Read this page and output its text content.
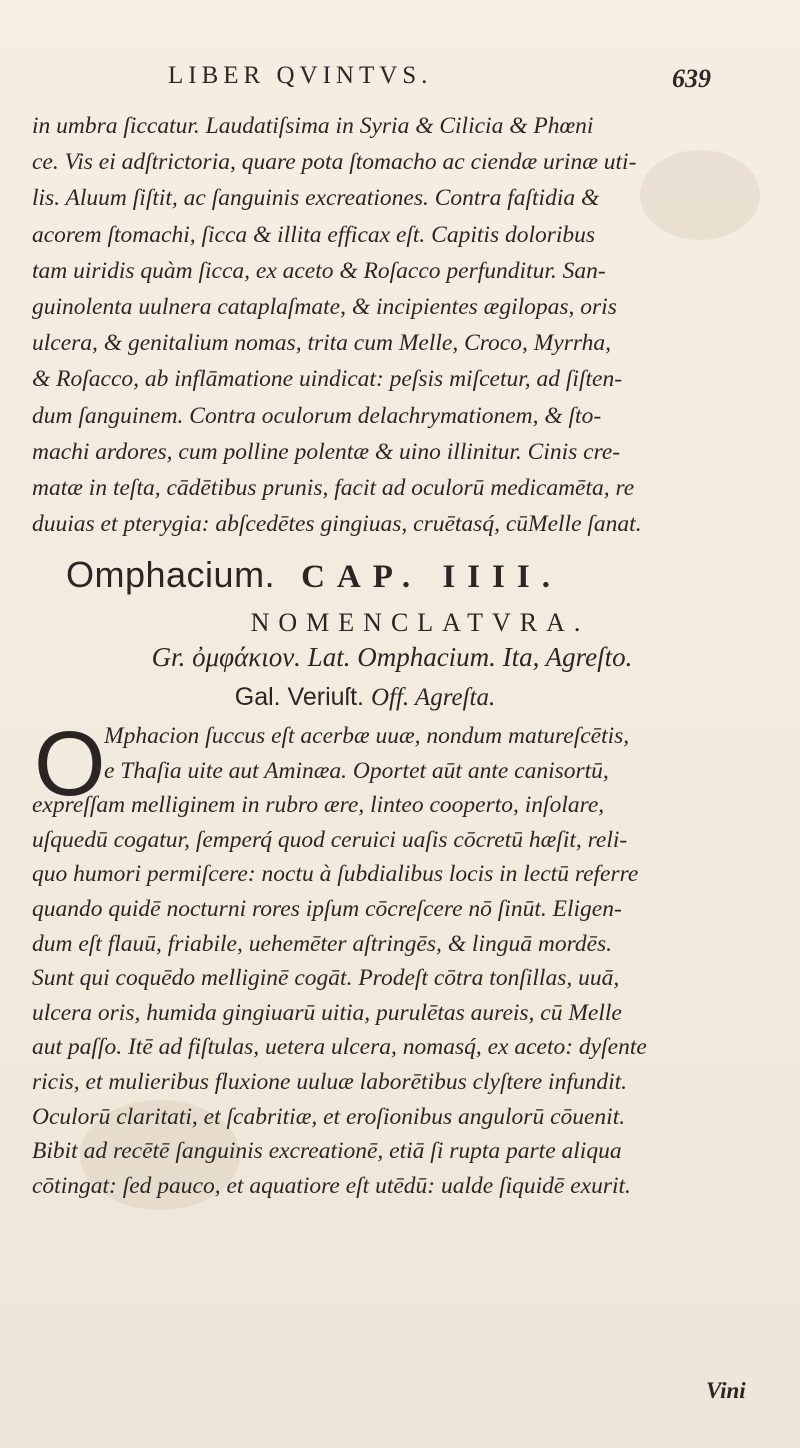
LIBER QVINTVS.	639
in umbra ſiccatur. Laudatiſsima in Syria & Cilicia & Phœni
ce. Vis ei adſtrictoria, quare pota ſtomacho ac ciendæ urinæ uti-
lis. Aluum ſiſtit, ac ſanguinis excreationes. Contra faſtidia &
acorem ſtomachi, ſicca & illita efficax eſt. Capitis doloribus
tam uiridis quàm ſicca, ex aceto & Roſacco perfunditur. San-
guinolenta uulnera cataplaſmate, & incipientes ægilopas, oris
ulcera, & genitalium nomas, trita cum Melle, Croco, Myrrha,
& Roſacco, ab inflāmatione uindicat: peſsis miſcetur, ad ſiſten-
dum ſanguinem. Contra oculorum delachrymationem, & ſto-
machi ardores, cum polline polentæ & uino illinitur. Cinis cre-
matæ in teſta, cādētibus prunis, facit ad oculorū medicamēta, re
duuias et pterygia: abſcedētes gingiuas, cruētasq́, cūMelle ſanat.
Omphacium. CAP. IIII.
NOMENCLATVRA.
Gr. ὀμφάκιον. Lat. Omphacium. Ita, Agreſto.
Gal. Veriuſt. Off. Agreſta.
O
Mphacion ſuccus eſt acerbæ uuæ, nondum matureſcētis,
e Thaſia uite aut Aminæa. Oportet aūt ante canisortū,
expreſſam melliginem in rubro ære, linteo cooperto, inſolare,
uſquedū cogatur, ſemperq́ quod ceruici uaſis cōcretū hæſit, reli-
quo humori permiſcere: noctu à ſubdialibus locis in lectū referre
quando quidē nocturni rores ipſum cōcreſcere nō ſinūt. Eligen-
dum eſt flauū, friabile, uehemēter aſtringēs, & linguā mordēs.
Sunt qui coquēdo melliginē cogāt. Prodeſt cōtra tonſillas, uuā,
ulcera oris, humida gingiuarū uitia, purulētas aureis, cū Melle
aut paſſo. Itē ad fiſtulas, uetera ulcera, nomasq́, ex aceto: dyſente
ricis, et mulieribus fluxione uuluæ laborētibus clyſtere infundit.
Oculorū claritati, et ſcabritiæ, et eroſionibus angulorū cōuenit.
Bibit ad recētē ſanguinis excreationē, etiā ſi rupta parte aliqua
cōtingat: ſed pauco, et aquatiore eſt utēdū: ualde ſiquidē exurit.
Vini
